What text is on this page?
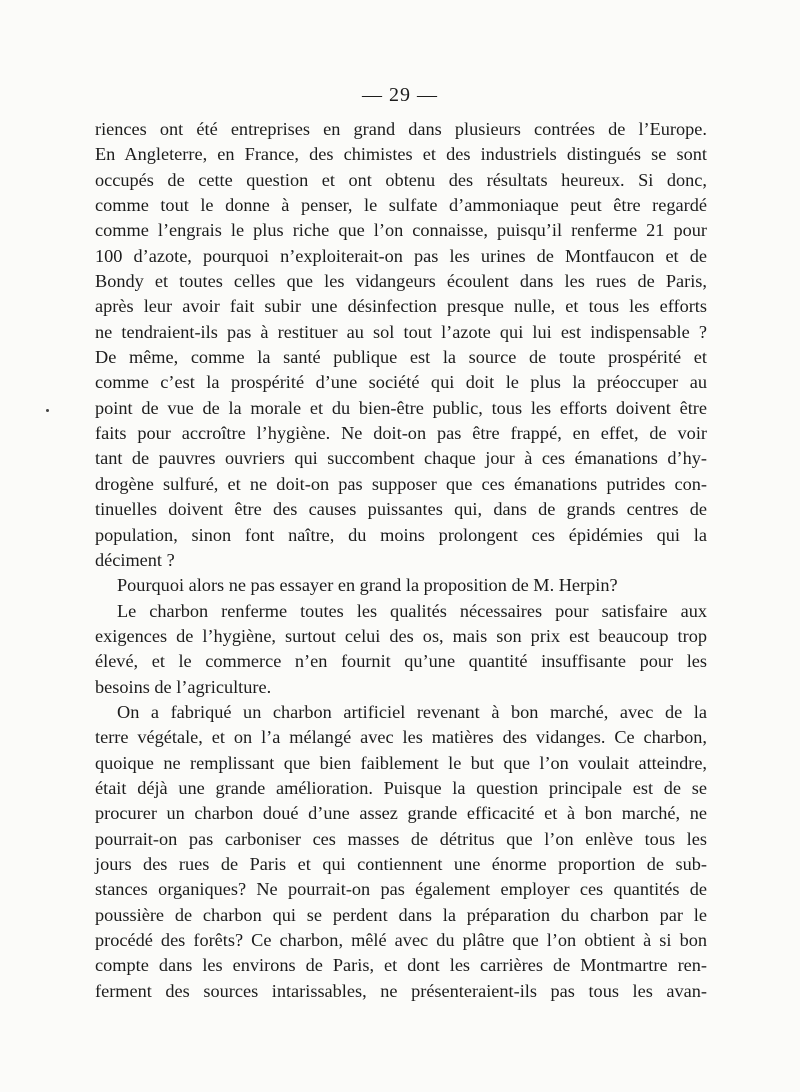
— 29 —
riences ont été entreprises en grand dans plusieurs contrées de l’Europe.
En Angleterre, en France, des chimistes et des industriels distingués se sont
occupés de cette question et ont obtenu des résultats heureux. Si donc,
comme tout le donne à penser, le sulfate d’ammoniaque peut être regardé
comme l’engrais le plus riche que l’on connaisse, puisqu’il renferme 21 pour
100 d’azote, pourquoi n’exploiterait-on pas les urines de Montfaucon et de
Bondy et toutes celles que les vidangeurs écoulent dans les rues de Paris,
après leur avoir fait subir une désinfection presque nulle, et tous les efforts
ne tendraient-ils pas à restituer au sol tout l’azote qui lui est indispensable ?
De même, comme la santé publique est la source de toute prospérité et
comme c’est la prospérité d’une société qui doit le plus la préoccuper au
point de vue de la morale et du bien-être public, tous les efforts doivent être
faits pour accroître l’hygiène. Ne doit-on pas être frappé, en effet, de voir
tant de pauvres ouvriers qui succombent chaque jour à ces émanations d’hy-
drogène sulfuré, et ne doit-on pas supposer que ces émanations putrides con-
tinuelles doivent être des causes puissantes qui, dans de grands centres de
population, sinon font naître, du moins prolongent ces épidémies qui la
déciment ?
Pourquoi alors ne pas essayer en grand la proposition de M. Herpin?
Le charbon renferme toutes les qualités nécessaires pour satisfaire aux
exigences de l’hygiène, surtout celui des os, mais son prix est beaucoup trop
élevé, et le commerce n’en fournit qu’une quantité insuffisante pour les
besoins de l’agriculture.
On a fabriqué un charbon artificiel revenant à bon marché, avec de la
terre végétale, et on l’a mélangé avec les matières des vidanges. Ce charbon,
quoique ne remplissant que bien faiblement le but que l’on voulait atteindre,
était déjà une grande amélioration. Puisque la question principale est de se
procurer un charbon doué d’une assez grande efficacité et à bon marché, ne
pourrait-on pas carboniser ces masses de détritus que l’on enlève tous les
jours des rues de Paris et qui contiennent une énorme proportion de sub-
stances organiques? Ne pourrait-on pas également employer ces quantités de
poussière de charbon qui se perdent dans la préparation du charbon par le
procédé des forêts? Ce charbon, mêlé avec du plâtre que l’on obtient à si bon
compte dans les environs de Paris, et dont les carrières de Montmartre ren-
ferment des sources intarissables, ne présenteraient-ils pas tous les avan-
